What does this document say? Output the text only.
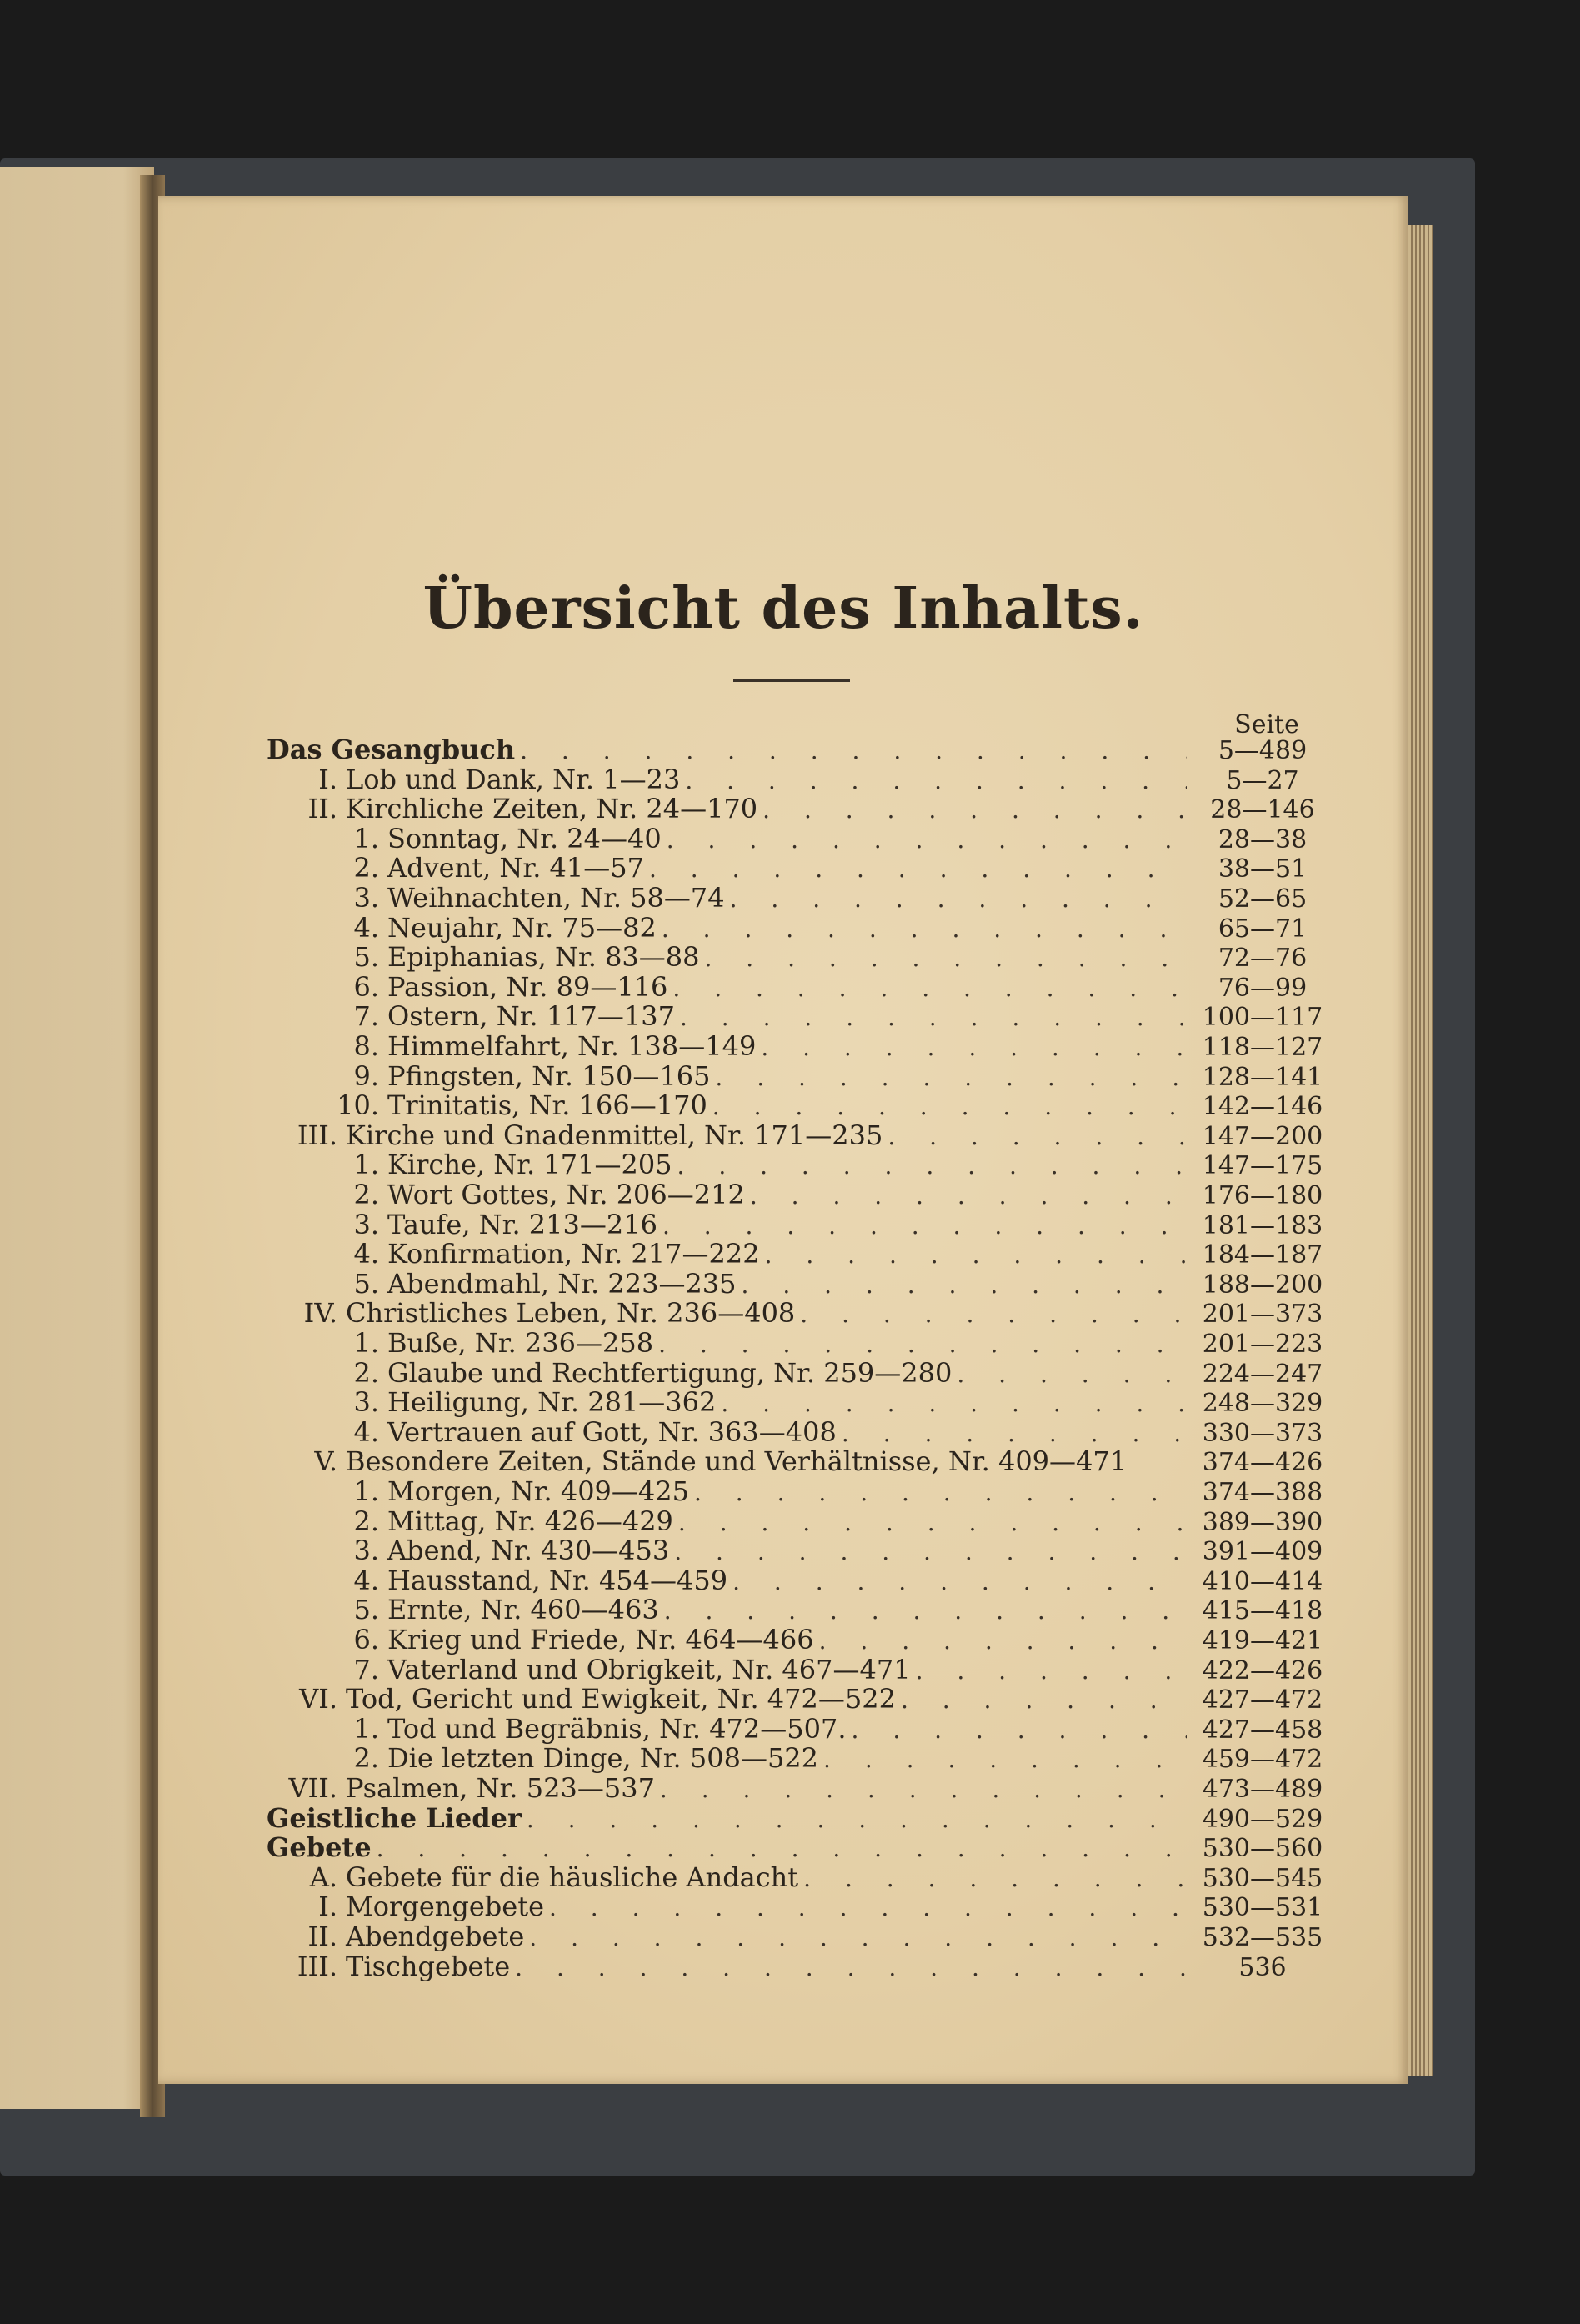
Übersicht des Inhalts.
Seite
Das Gesangbuch . . .	5—489
I. Lob und Dank, Nr. 1—23 . . .	5—27
II. Kirchliche Zeiten, Nr. 24—170 . . .	28—146
1. Sonntag, Nr. 24—40 . . .	28—38
2. Advent, Nr. 41—57 . . .	38—51
3. Weihnachten, Nr. 58—74 . . .	52—65
4. Neujahr, Nr. 75—82 . . .	65—71
5. Epiphanias, Nr. 83—88 . . .	72—76
6. Passion, Nr. 89—116 . . .	76—99
7. Ostern, Nr. 117—137 . . .	100—117
8. Himmelfahrt, Nr. 138—149 . . .	118—127
9. Pfingsten, Nr. 150—165 . . .	128—141
10. Trinitatis, Nr. 166—170 . . .	142—146
III. Kirche und Gnadenmittel, Nr. 171—235 . . .	147—200
1. Kirche, Nr. 171—205 . . .	147—175
2. Wort Gottes, Nr. 206—212 . . .	176—180
3. Taufe, Nr. 213—216 . . .	181—183
4. Konfirmation, Nr. 217—222 . . .	184—187
5. Abendmahl, Nr. 223—235 . . .	188—200
IV. Christliches Leben, Nr. 236—408 . . .	201—373
1. Buße, Nr. 236—258 . . .	201—223
2. Glaube und Rechtfertigung, Nr. 259—280 . . .	224—247
3. Heiligung, Nr. 281—362 . . .	248—329
4. Vertrauen auf Gott, Nr. 363—408 . . .	330—373
V. Besondere Zeiten, Stände und Verhältnisse, Nr. 409—471	374—426
1. Morgen, Nr. 409—425 . . .	374—388
2. Mittag, Nr. 426—429 . . .	389—390
3. Abend, Nr. 430—453 . . .	391—409
4. Hausstand, Nr. 454—459 . . .	410—414
5. Ernte, Nr. 460—463 . . .	415—418
6. Krieg und Friede, Nr. 464—466 . . .	419—421
7. Vaterland und Obrigkeit, Nr. 467—471 . . .	422—426
VI. Tod, Gericht und Ewigkeit, Nr. 472—522 . . .	427—472
1. Tod und Begräbnis, Nr. 472—507. . . .	427—458
2. Die letzten Dinge, Nr. 508—522 . . .	459—472
VII. Psalmen, Nr. 523—537 . . .	473—489
Geistliche Lieder . . .	490—529
Gebete . . .	530—560
A. Gebete für die häusliche Andacht . . .	530—545
I. Morgengebete . . .	530—531
II. Abendgebete . . .	532—535
III. Tischgebete . . .	536
